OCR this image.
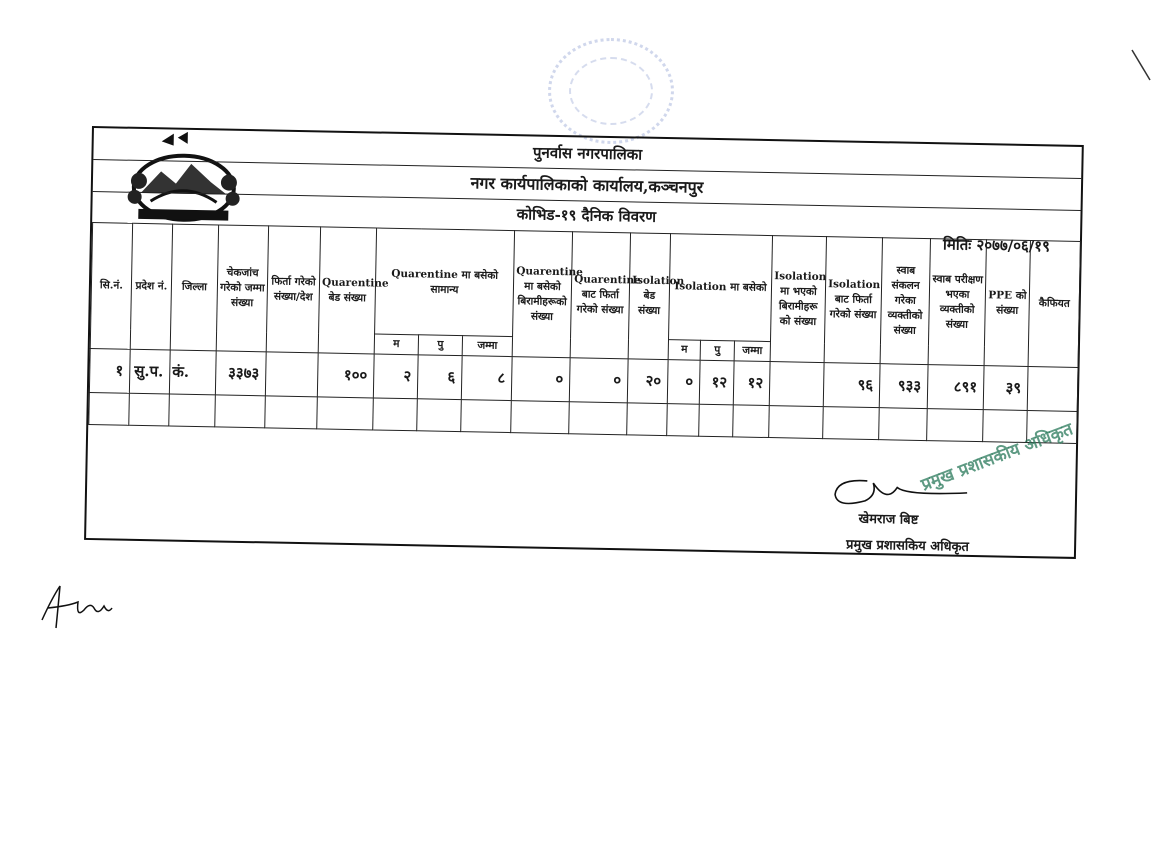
पुनर्वास नगरपालिका
नगर कार्यपालिकाको कार्यालय,कञ्चनपुर
कोभिड-१९ दैनिक विवरण
मितिः २०७७/०६/१९
सि.नं.	प्रदेश नं.	जिल्ला	चेकजांच गरेको जम्मा संख्या	फिर्ता गरेको संख्या/देश	Quarentine बेड संख्या	Quarentine मा बसेको सामान्य			Quarentine मा बसेको बिरामीहरूको संख्या	Quarentine बाट फिर्ता गरेको संख्या	Isolation बेड संख्या	Isolation मा बसेको			Isolation मा भएको बिरामीहरू को संख्या	Isolation बाट फिर्ता गरेको संख्या	स्वाब संकलन गरेका व्यक्तीको संख्या	स्वाब परीक्षण भएका व्यक्तीको संख्या	PPE को संख्या	कैफियत
						म	पु	जम्मा				म	पु	जम्मा						
१	सु.प.	कं.	३३७३		१००	२	६	८	०	०	२०	०	१२	१२		९६	९३३	८९१	३९	

खेमराज बिष्ट
प्रमुख प्रशासकिय अधिकृत
प्रमुख प्रशासकीय अधिकृत
